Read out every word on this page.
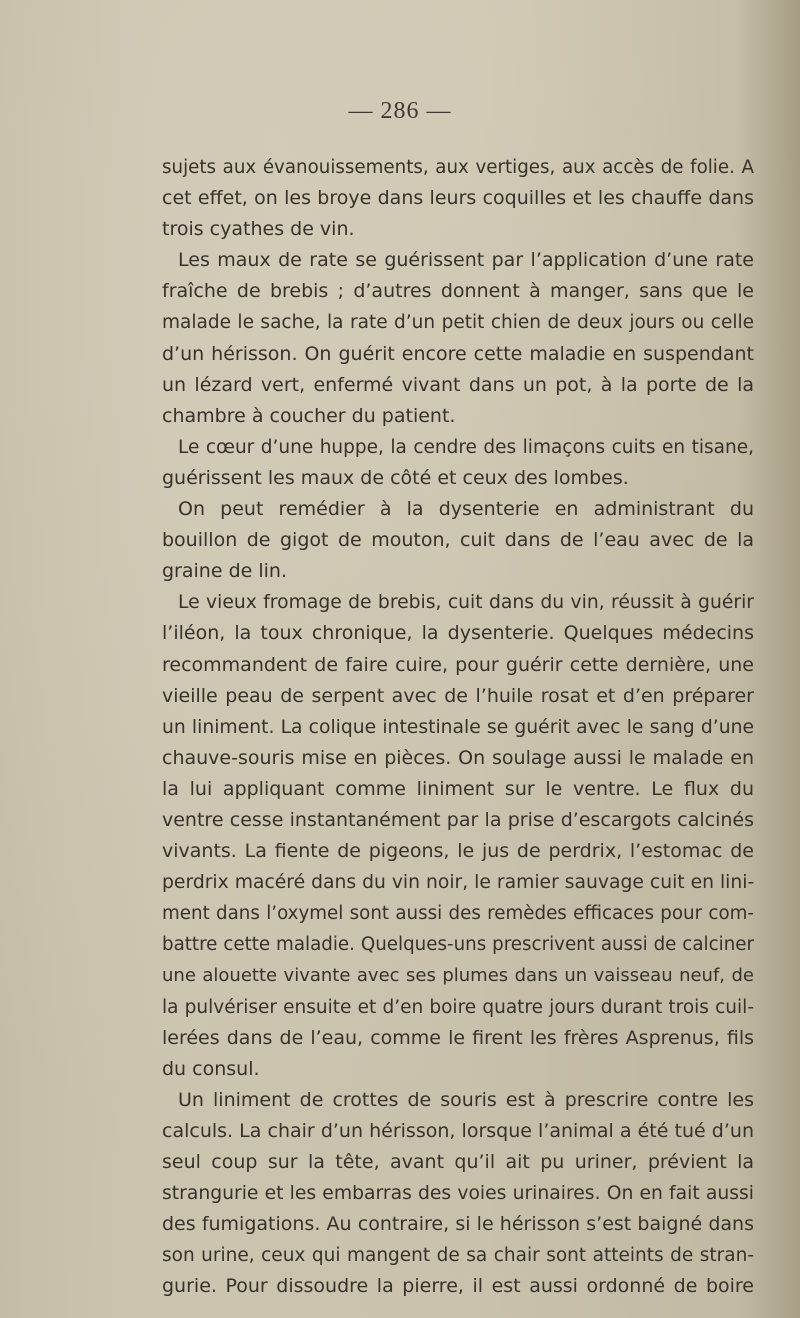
— 286 —
sujets aux évanouissements, aux vertiges, aux accès de folie. A
cet effet, on les broye dans leurs coquilles et les chauffe dans
trois cyathes de vin.
Les maux de rate se guérissent par l’application d’une rate
fraîche de brebis ; d’autres donnent à manger, sans que le
malade le sache, la rate d’un petit chien de deux jours ou celle
d’un hérisson. On guérit encore cette maladie en suspendant
un lézard vert, enfermé vivant dans un pot, à la porte de la
chambre à coucher du patient.
Le cœur d’une huppe, la cendre des limaçons cuits en tisane,
guérissent les maux de côté et ceux des lombes.
On peut remédier à la dysenterie en administrant du
bouillon de gigot de mouton, cuit dans de l’eau avec de la
graine de lin.
Le vieux fromage de brebis, cuit dans du vin, réussit à guérir
l’iléon, la toux chronique, la dysenterie. Quelques médecins
recommandent de faire cuire, pour guérir cette dernière, une
vieille peau de serpent avec de l’huile rosat et d’en préparer
un liniment. La colique intestinale se guérit avec le sang d’une
chauve-souris mise en pièces. On soulage aussi le malade en
la lui appliquant comme liniment sur le ventre. Le flux du
ventre cesse instantanément par la prise d’escargots calcinés
vivants. La fiente de pigeons, le jus de perdrix, l’estomac de
perdrix macéré dans du vin noir, le ramier sauvage cuit en lini-
ment dans l’oxymel sont aussi des remèdes efficaces pour com-
battre cette maladie. Quelques-uns prescrivent aussi de calciner
une alouette vivante avec ses plumes dans un vaisseau neuf, de
la pulvériser ensuite et d’en boire quatre jours durant trois cuil-
lerées dans de l’eau, comme le firent les frères Asprenus, fils
du consul.
Un liniment de crottes de souris est à prescrire contre les
calculs. La chair d’un hérisson, lorsque l’animal a été tué d’un
seul coup sur la tête, avant qu’il ait pu uriner, prévient la
strangurie et les embarras des voies urinaires. On en fait aussi
des fumigations. Au contraire, si le hérisson s’est baigné dans
son urine, ceux qui mangent de sa chair sont atteints de stran-
gurie. Pour dissoudre la pierre, il est aussi ordonné de boire
